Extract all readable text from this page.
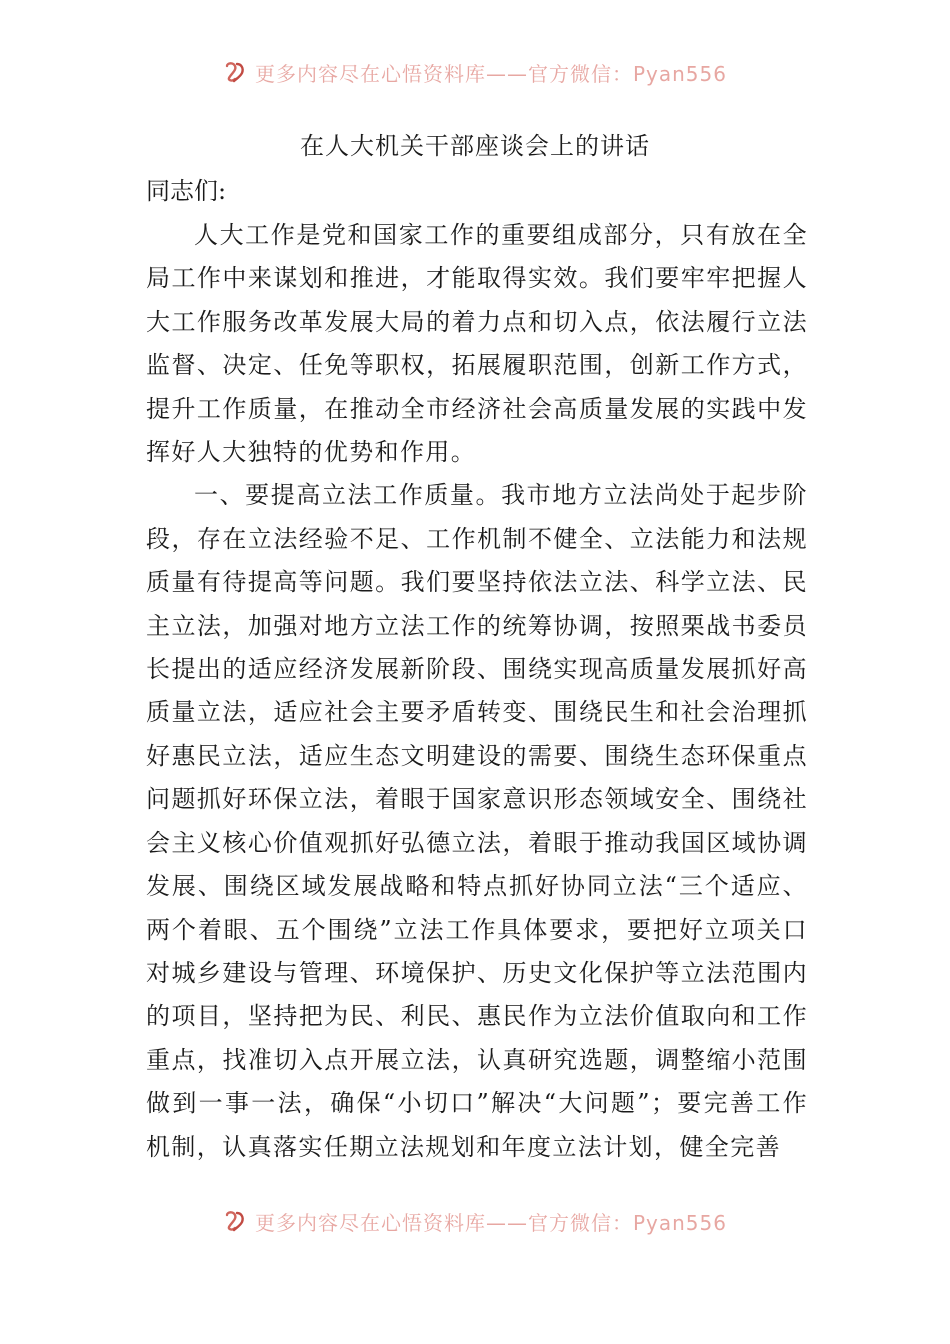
更多内容尽在心悟资料库——官方微信：Pyan556
在人大机关干部座谈会上的讲话
同志们:

人大工作是党和国家工作的重要组成部分，只有放在全局工作中来谋划和推进，才能取得实效。我们要牢牢把握人大工作服务改革发展大局的着力点和切入点，依法履行立法监督、决定、任免等职权，拓展履职范围，创新工作方式，提升工作质量，在推动全市经济社会高质量发展的实践中发挥好人大独特的优势和作用。

一、要提高立法工作质量。我市地方立法尚处于起步阶段，存在立法经验不足、工作机制不健全、立法能力和法规质量有待提高等问题。我们要坚持依法立法、科学立法、民主立法，加强对地方立法工作的统筹协调，按照栗战书委员长提出的适应经济发展新阶段、围绕实现高质量发展抓好高质量立法，适应社会主要矛盾转变、围绕民生和社会治理抓好惠民立法，适应生态文明建设的需要、围绕生态环保重点问题抓好环保立法，着眼于国家意识形态领域安全、围绕社会主义核心价值观抓好弘德立法，着眼于推动我国区域协调发展、围绕区域发展战略和特点抓好协同立法“三个适应、两个着眼、五个围绕”立法工作具体要求，要把好立项关口对城乡建设与管理、环境保护、历史文化保护等立法范围内的项目，坚持把为民、利民、惠民作为立法价值取向和工作重点，找准切入点开展立法，认真研究选题，调整缩小范围做到一事一法，确保“小切口”解决“大问题”；要完善工作机制，认真落实任期立法规划和年度立法计划，健全完善

更多内容尽在心悟资料库——官方微信：Pyan556
